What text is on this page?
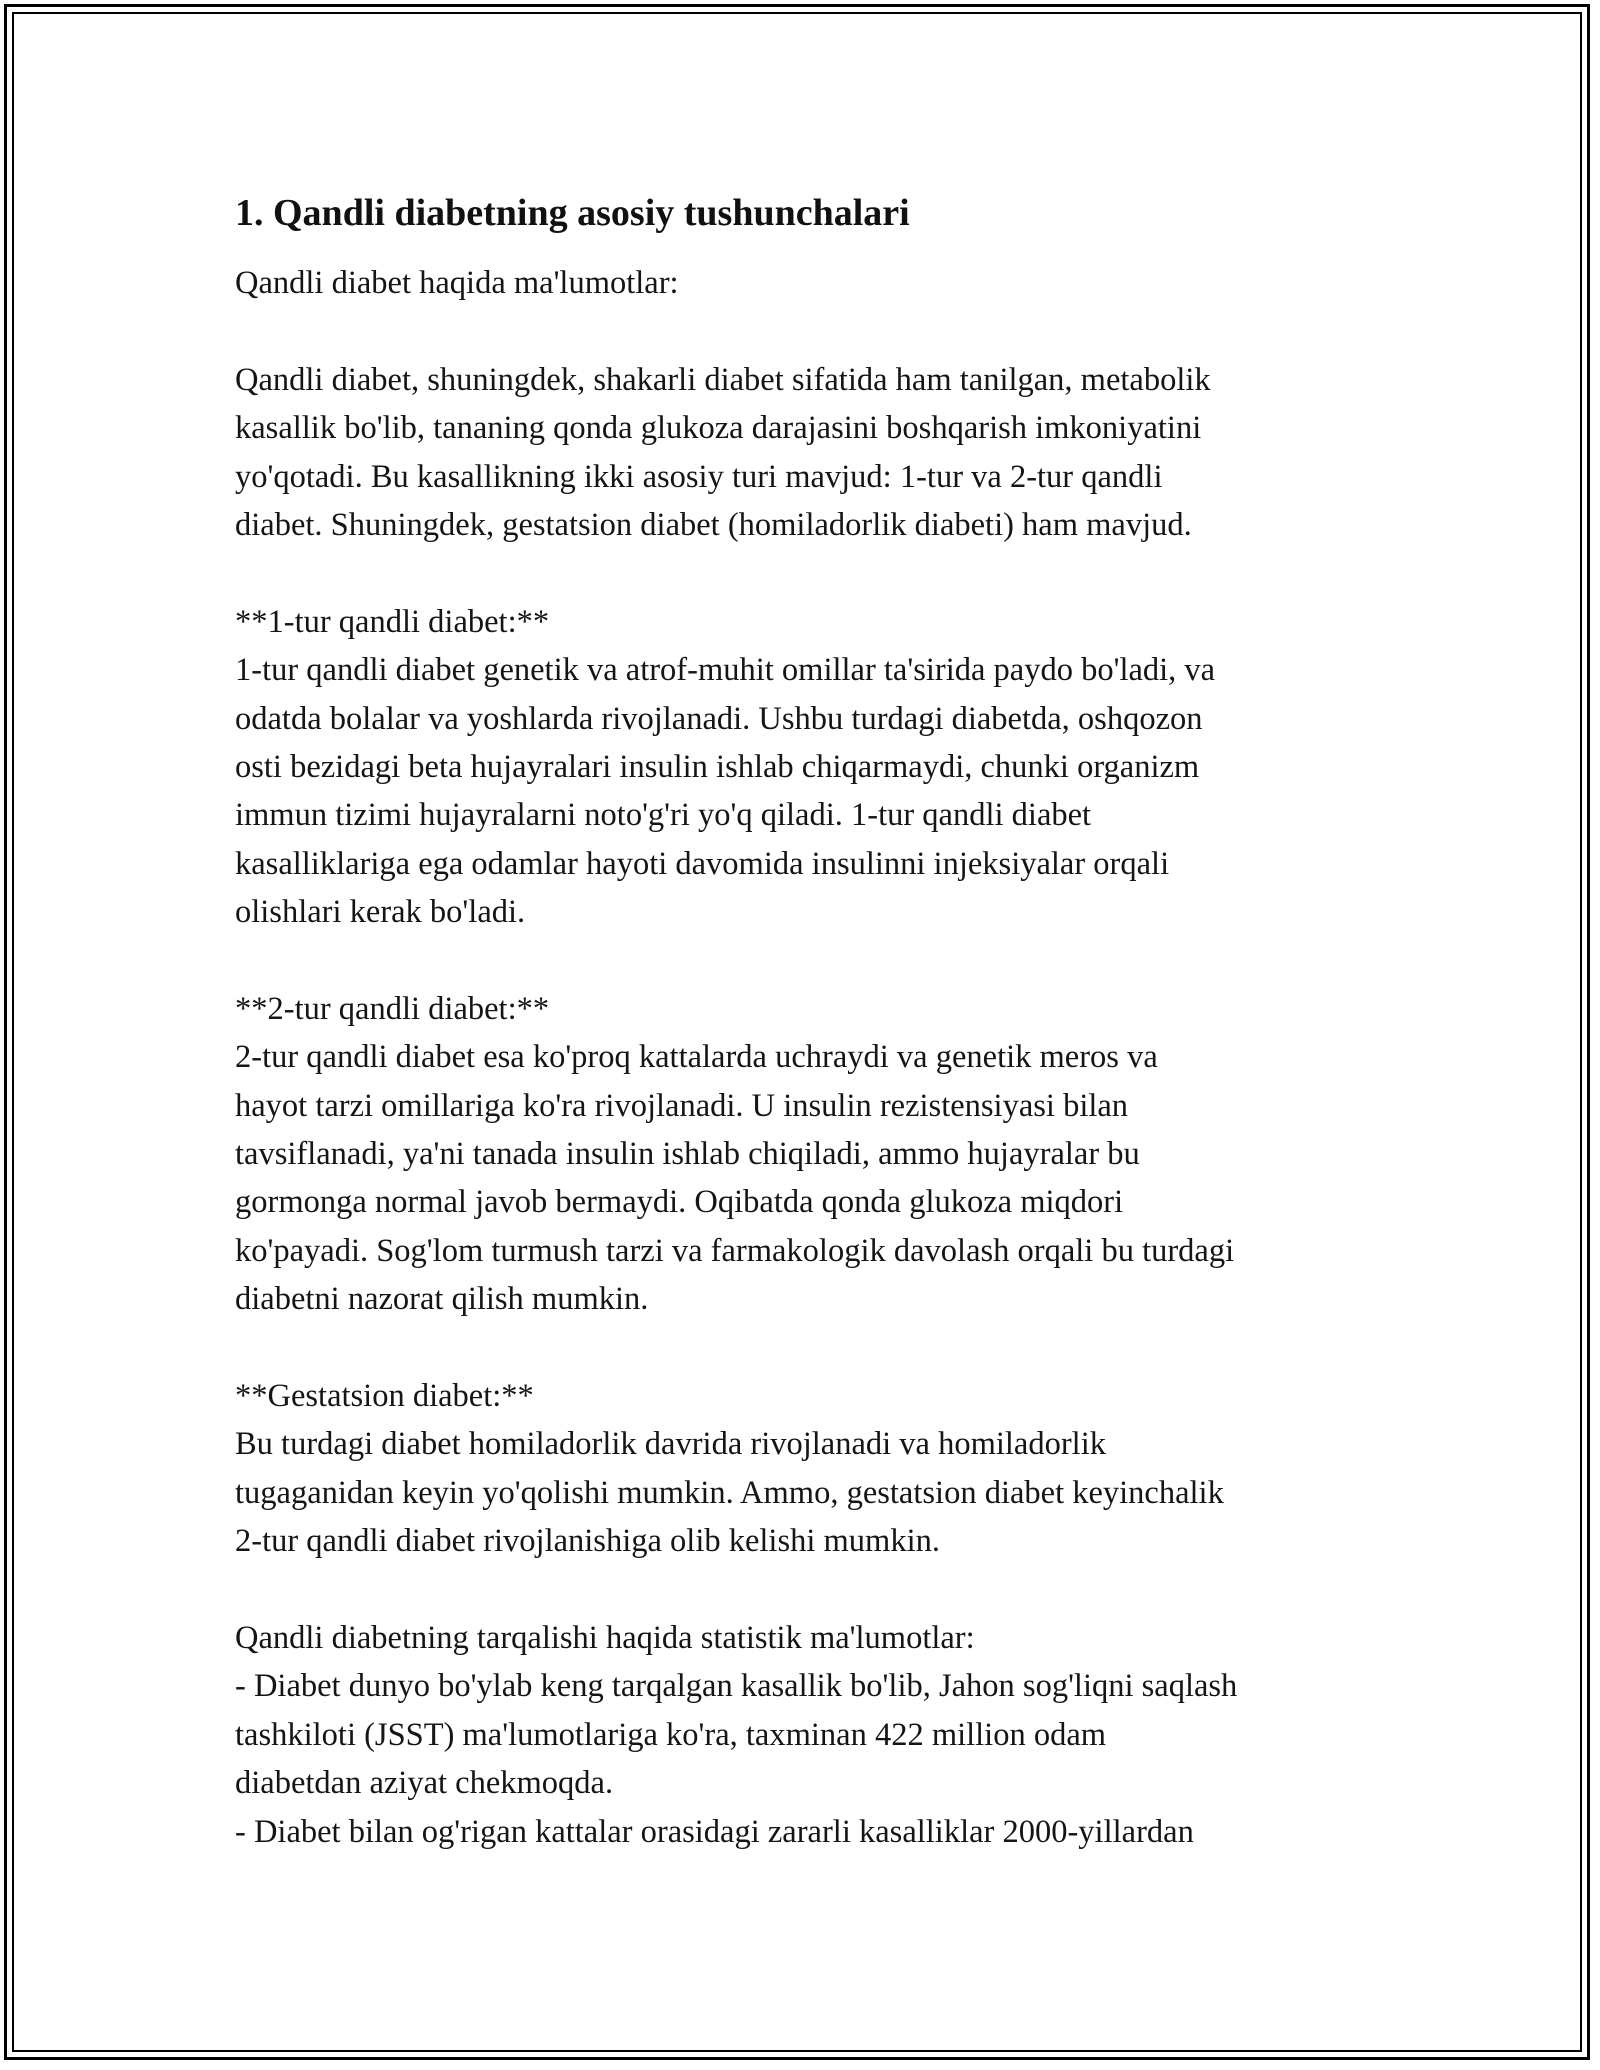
1. Qandli diabetning asosiy tushunchalari
Qandli diabet haqida ma'lumotlar:
Qandli diabet, shuningdek, shakarli diabet sifatida ham tanilgan, metabolik
kasallik bo'lib, tananing qonda glukoza darajasini boshqarish imkoniyatini
yo'qotadi. Bu kasallikning ikki asosiy turi mavjud: 1-tur va 2-tur qandli
diabet. Shuningdek, gestatsion diabet (homiladorlik diabeti) ham mavjud.
**1-tur qandli diabet:**
1-tur qandli diabet genetik va atrof-muhit omillar ta'sirida paydo bo'ladi, va
odatda bolalar va yoshlarda rivojlanadi. Ushbu turdagi diabetda, oshqozon
osti bezidagi beta hujayralari insulin ishlab chiqarmaydi, chunki organizm
immun tizimi hujayralarni noto'g'ri yo'q qiladi. 1-tur qandli diabet
kasalliklariga ega odamlar hayoti davomida insulinni injeksiyalar orqali
olishlari kerak bo'ladi.
**2-tur qandli diabet:**
2-tur qandli diabet esa ko'proq kattalarda uchraydi va genetik meros va
hayot tarzi omillariga ko'ra rivojlanadi. U insulin rezistensiyasi bilan
tavsiflanadi, ya'ni tanada insulin ishlab chiqiladi, ammo hujayralar bu
gormonga normal javob bermaydi. Oqibatda qonda glukoza miqdori
ko'payadi. Sog'lom turmush tarzi va farmakologik davolash orqali bu turdagi
diabetni nazorat qilish mumkin.
**Gestatsion diabet:**
Bu turdagi diabet homiladorlik davrida rivojlanadi va homiladorlik
tugaganidan keyin yo'qolishi mumkin. Ammo, gestatsion diabet keyinchalik
2-tur qandli diabet rivojlanishiga olib kelishi mumkin.
Qandli diabetning tarqalishi haqida statistik ma'lumotlar:
- Diabet dunyo bo'ylab keng tarqalgan kasallik bo'lib, Jahon sog'liqni saqlash
tashkiloti (JSST) ma'lumotlariga ko'ra, taxminan 422 million odam
diabetdan aziyat chekmoqda.
- Diabet bilan og'rigan kattalar orasidagi zararli kasalliklar 2000-yillardan
